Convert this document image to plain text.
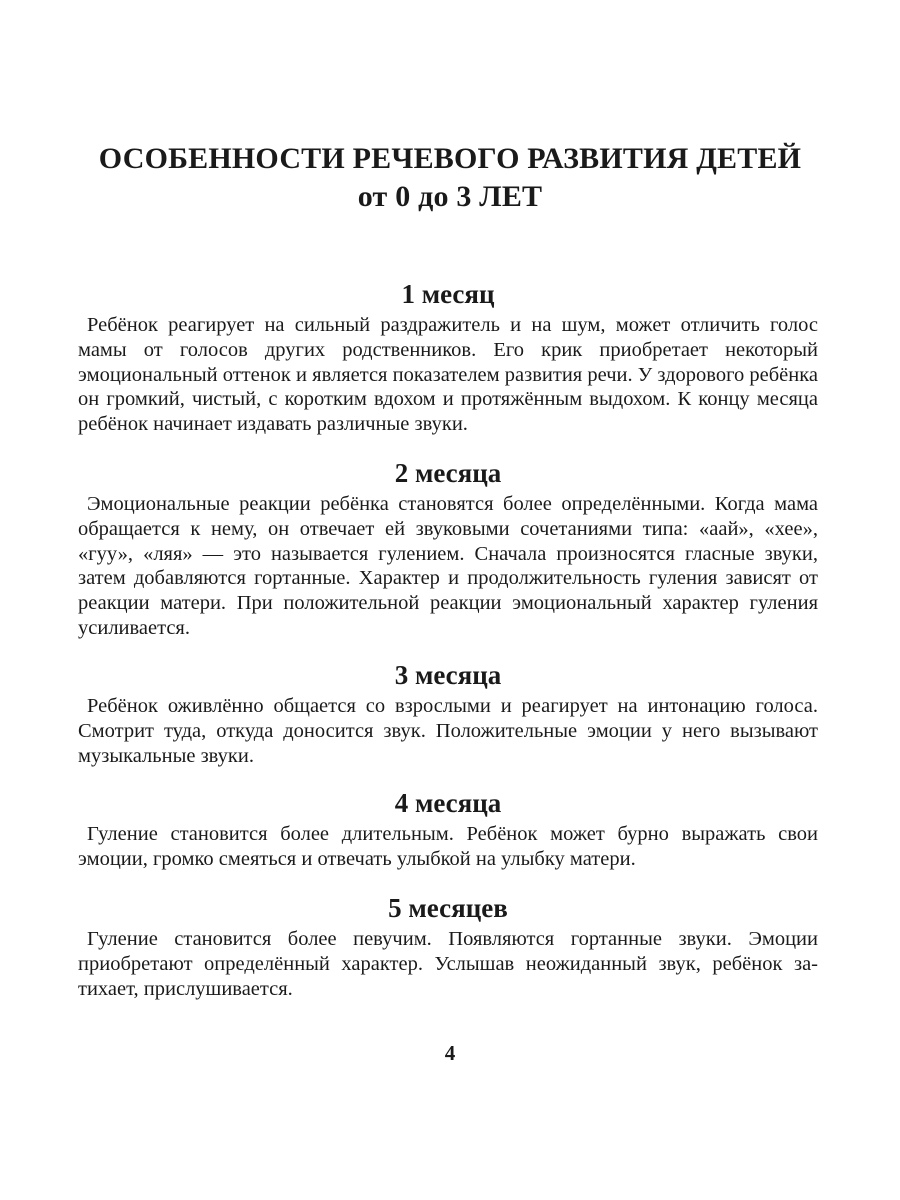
ОСОБЕННОСТИ РЕЧЕВОГО РАЗВИТИЯ ДЕТЕЙ
от 0 до 3 ЛЕТ
1 месяц

Ребёнок реагирует на сильный раздражитель и на шум, может отличить голос мамы от голосов других родственников. Его крик приобретает некоторый эмоциональный оттенок и является показателем развития речи. У здорового ребёнка он громкий, чистый, с коротким вдохом и протяжённым выдохом. К концу месяца ребёнок начинает издавать различные звуки.

2 месяца

Эмоциональные реакции ребёнка становятся более определёнными. Когда мама обращается к нему, он отвечает ей звуковыми сочетаниями типа: «аай», «хее», «гуу», «ляя» — это называется гулением. Сначала произносятся гласные звуки, затем добавляются гортанные. Характер и продолжительность гуления зависят от реакции матери. При положительной реакции эмоциональный характер гуления усиливается.

3 месяца

Ребёнок оживлённо общается со взрослыми и реагирует на интонацию голоса. Смотрит туда, откуда доносится звук. Положительные эмоции у него вызывают музыкальные звуки.

4 месяца

Гуление становится более длительным. Ребёнок может бурно выражать свои эмоции, громко смеяться и отвечать улыбкой на улыбку матери.

5 месяцев

Гуление становится более певучим. Появляются гортанные звуки. Эмоции приобретают определённый характер. Услышав неожиданный звук, ребёнок затихает, прислушивается.

4
